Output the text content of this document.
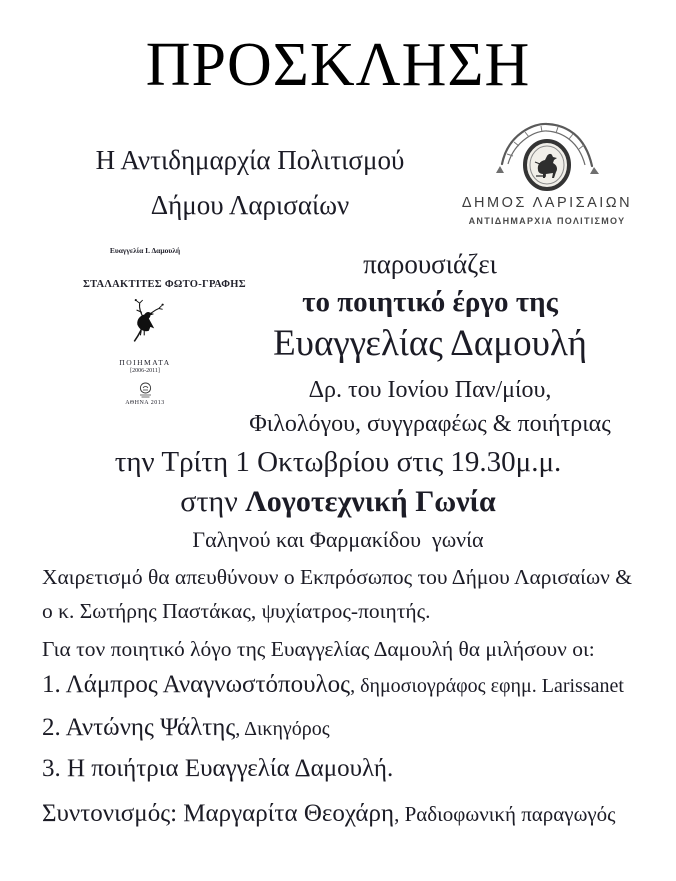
ΠΡΟΣΚΛΗΣΗ
Η Αντιδημαρχία Πολιτισμού
Δήμου Λαρισαίων	ΔΗΜΟΣ ΛΑΡΙΣΑΙΩΝ
ΑΝΤΙΔΗΜΑΡΧΙΑ ΠΟΛΙΤΙΣΜΟΥ
Ευαγγελία Ι. Δαμουλή
ΣΤΑΛΑΚΤΙΤΕΣ ΦΩΤΟ-ΓΡΑΦΗΣ
ΠΟΙΗΜΑΤΑ
[2006-2011]
ΑΘΗΝΑ 2013
παρουσιάζει
το ποιητικό έργο της
Ευαγγελίας Δαμουλή
Δρ. του Ιονίου Παν/μίου,
Φιλολόγου, συγγραφέως & ποιήτριας
την Τρίτη 1 Οκτωβρίου στις 19.30μ.μ.
στην Λογοτεχνική Γωνία
Γαληνού και Φαρμακίδου  γωνία
Χαιρετισμό θα απευθύνουν ο Εκπρόσωπος του Δήμου Λαρισαίων &
ο κ. Σωτήρης Παστάκας, ψυχίατρος-ποιητής.
Για τον ποιητικό λόγο της Ευαγγελίας Δαμουλή θα μιλήσουν οι:
1. Λάμπρος Αναγνωστόπουλος, δημοσιογράφος εφημ. Larissanet
2. Αντώνης Ψάλτης, Δικηγόρος
3. Η ποιήτρια Ευαγγελία Δαμουλή.
Συντονισμός: Μαργαρίτα Θεοχάρη, Ραδιοφωνική παραγωγός
